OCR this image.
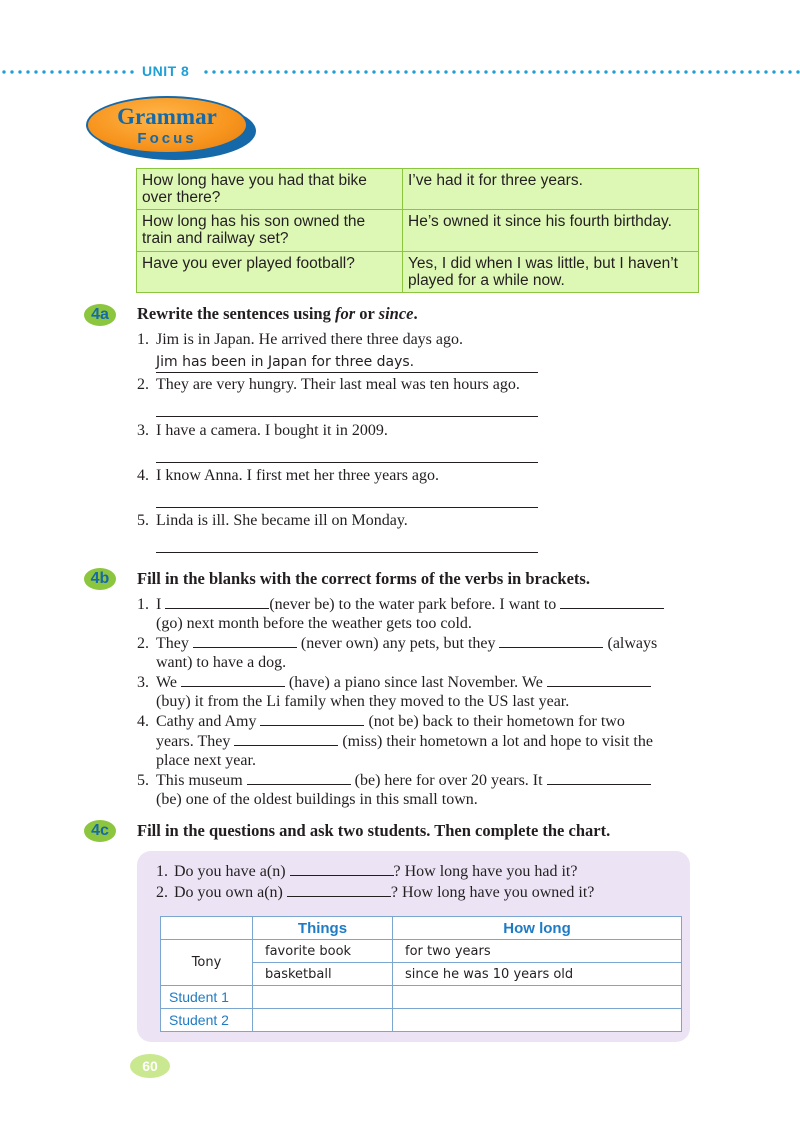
UNIT 8
Grammar
Focus
How long have you had that bike over there?	I’ve had it for three years.
How long has his son owned the train and railway set?	He’s owned it since his fourth birthday.
Have you ever played football?	Yes, I did when I was little, but I haven’t played for a while now.
4a	Rewrite the sentences using for or since.
1. Jim is in Japan. He arrived there three days ago.
Jim has been in Japan for three days.
2. They are very hungry. Their last meal was ten hours ago.
3. I have a camera. I bought it in 2009.
4. I know Anna. I first met her three years ago.
5. Linda is ill. She became ill on Monday.
4b	Fill in the blanks with the correct forms of the verbs in brackets.
1. I	(never be) to the water park before. I want to
(go) next month before the weather gets too cold.
2. They	(never own) any pets, but they	(always
want) to have a dog.
3. We	(have) a piano since last November. We
(buy) it from the Li family when they moved to the US last year.
4. Cathy and Amy	(not be) back to their hometown for two
years. They	(miss) their hometown a lot and hope to visit the
place next year.
5. This museum	(be) here for over 20 years. It
(be) one of the oldest buildings in this small town.
4c	Fill in the questions and ask two students. Then complete the chart.
1. Do you have a(n)	? How long have you had it?
2. Do you own a(n)	? How long have you owned it?
	Things	How long
Tony	favorite book	for two years
	basketball	since he was 10 years old
Student 1		
Student 2		
60
